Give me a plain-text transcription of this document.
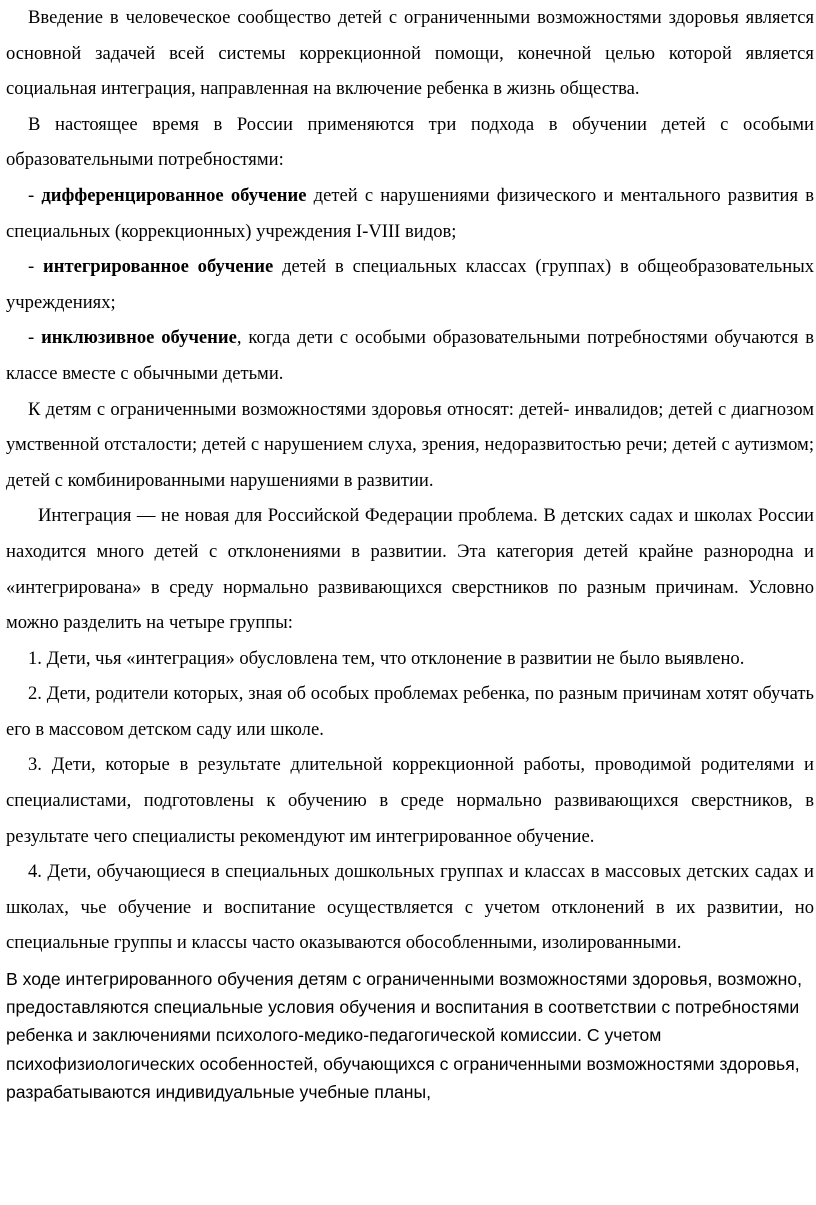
Введение в человеческое сообщество детей с ограниченными возможностями здоровья является основной задачей всей системы коррекционной помощи, конечной целью которой является социальная интеграция, направленная на включение ребенка в жизнь общества.

В настоящее время в России применяются три подхода в обучении детей с особыми образовательными потребностями:

- дифференцированное обучение детей с нарушениями физического и ментального развития в специальных (коррекционных) учреждения I-VIII видов;

- интегрированное обучение детей в специальных классах (группах) в общеобразовательных учреждениях;

- инклюзивное обучение, когда дети с особыми образовательными потребностями обучаются в классе вместе с обычными детьми.

К детям с ограниченными возможностями здоровья относят: детей- инвалидов; детей с диагнозом умственной отсталости; детей с нарушением слуха, зрения, недоразвитостью речи; детей с аутизмом; детей с комбинированными нарушениями в развитии.

Интеграция — не новая для Российской Федерации проблема. В детских садах и школах России находится много детей с отклонениями в развитии. Эта категория детей крайне разнородна и «интегрирована» в среду нормально развивающихся сверстников по разным причинам. Условно можно разделить на четыре группы:

1. Дети, чья «интеграция» обусловлена тем, что отклонение в развитии не было выявлено.

2. Дети, родители которых, зная об особых проблемах ребенка, по разным причинам хотят обучать его в массовом детском саду или школе.

3. Дети, которые в результате длительной коррекционной работы, проводимой родителями и специалистами, подготовлены к обучению в среде нормально развивающихся сверстников, в результате чего специалисты рекомендуют им интегрированное обучение.

4. Дети, обучающиеся в специальных дошкольных группах и классах в массовых детских садах и школах, чье обучение и воспитание осуществляется с учетом отклонений в их развитии, но специальные группы и классы часто оказываются обособленными, изолированными.

В ходе интегрированного обучения детям с ограниченными возможностями здоровья, возможно, предоставляются специальные условия обучения и воспитания в соответствии с потребностями ребенка и заключениями психолого-медико-педагогической комиссии. С учетом психофизиологических особенностей, обучающихся с ограниченными возможностями здоровья, разрабатываются индивидуальные учебные планы,
